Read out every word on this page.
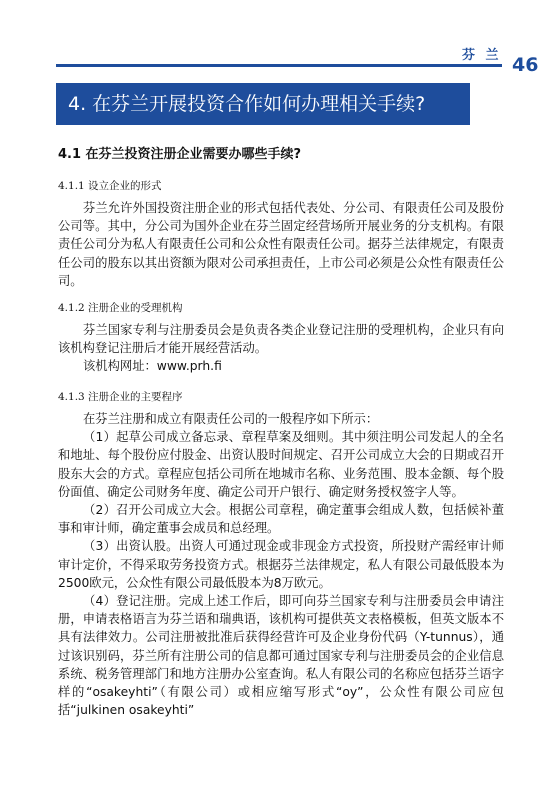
芬 兰 46
4. 在芬兰开展投资合作如何办理相关手续?
4.1 在芬兰投资注册企业需要办哪些手续?
4.1.1 设立企业的形式

芬兰允许外国投资注册企业的形式包括代表处、分公司、有限责任公司及股份公司等。其中，分公司为国外企业在芬兰固定经营场所开展业务的分支机构。有限责任公司分为私人有限责任公司和公众性有限责任公司。据芬兰法律规定，有限责任公司的股东以其出资额为限对公司承担责任，上市公司必须是公众性有限责任公司。

4.1.2 注册企业的受理机构

芬兰国家专利与注册委员会是负责各类企业登记注册的受理机构，企业只有向该机构登记注册后才能开展经营活动。

该机构网址：www.prh.fi

4.1.3 注册企业的主要程序

在芬兰注册和成立有限责任公司的一般程序如下所示：

（1）起草公司成立备忘录、章程草案及细则。其中须注明公司发起人的全名和地址、每个股份应付股金、出资认股时间规定、召开公司成立大会的日期或召开股东大会的方式。章程应包括公司所在地城市名称、业务范围、股本金额、每个股份面值、确定公司财务年度、确定公司开户银行、确定财务授权签字人等。

（2）召开公司成立大会。根据公司章程，确定董事会组成人数，包括候补董事和审计师，确定董事会成员和总经理。

（3）出资认股。出资人可通过现金或非现金方式投资，所投财产需经审计师审计定价，不得采取劳务投资方式。根据芬兰法律规定，私人有限公司最低股本为2500欧元，公众性有限公司最低股本为8万欧元。

（4）登记注册。完成上述工作后，即可向芬兰国家专利与注册委员会申请注册，申请表格语言为芬兰语和瑞典语，该机构可提供英文表格模板，但英文版本不具有法律效力。公司注册被批准后获得经营许可及企业身份代码（Y-tunnus），通过该识别码，芬兰所有注册公司的信息都可通过国家专利与注册委员会的企业信息系统、税务管理部门和地方注册办公室查询。私人有限公司的名称应包括芬兰语字样的“osakeyhti”（有限公司）或相应缩写形式“oy”，公众性有限公司应包括“julkinen osakeyhti”
